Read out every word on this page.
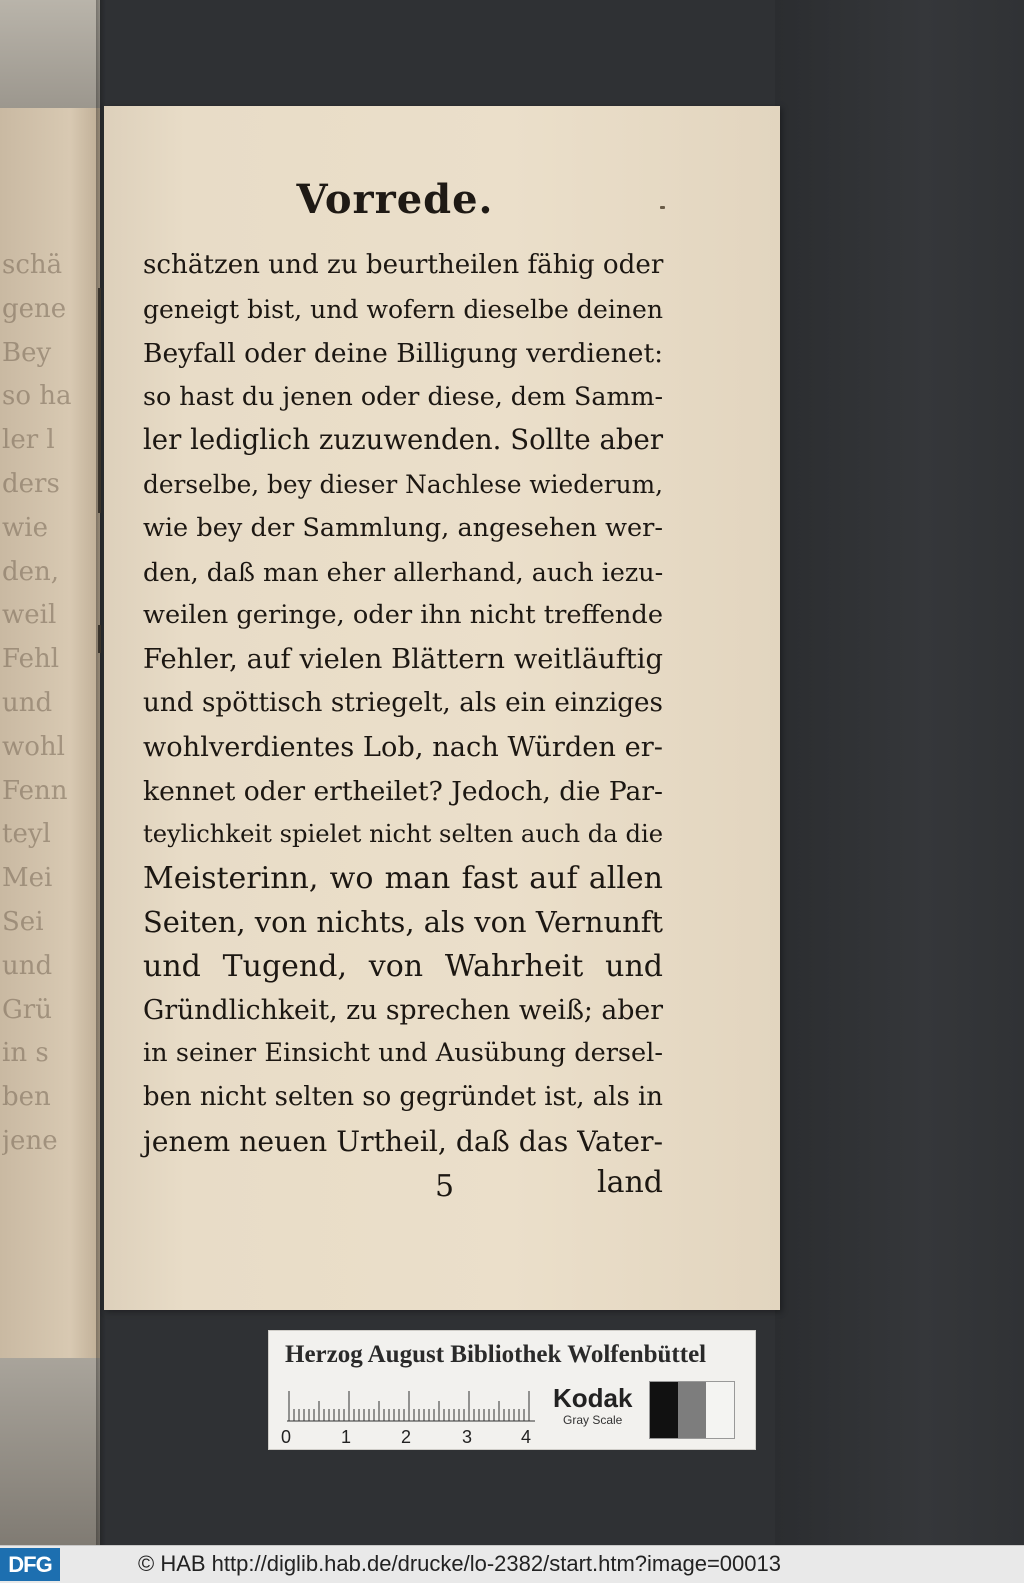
schä
gene
Bey
so ha
ler l
ders
wie
den,
weil
Fehl
und
wohl
Fenn
teyl
Mei
Sei
und
Grü
in s
ben
jene
Vorrede.
schätzen und zu beurtheilen fähig oder
geneigt bist, und wofern dieselbe deinen
Beyfall oder deine Billigung verdienet:
so hast du jenen oder diese, dem Samm-
ler lediglich zuzuwenden. Sollte aber
derselbe, bey dieser Nachlese wiederum,
wie bey der Sammlung, angesehen wer-
den, daß man eher allerhand, auch iezu-
weilen geringe, oder ihn nicht treffende
Fehler, auf vielen Blättern weitläuftig
und spöttisch striegelt, als ein einziges
wohlverdientes Lob, nach Würden er-
kennet oder ertheilet? Jedoch, die Par-
teylichkeit spielet nicht selten auch da die
Meisterinn, wo man fast auf allen
Seiten, von nichts, als von Vernunft
und Tugend, von Wahrheit und
Gründlichkeit, zu sprechen weiß; aber
in seiner Einsicht und Ausübung dersel-
ben nicht selten so gegründet ist, als in
jenem neuen Urtheil, daß das Vater-
5	land
Herzog August Bibliothek Wolfenbüttel
0	1	2	3	4
Kodak
Gray Scale
DFG	© HAB http://diglib.hab.de/drucke/lo-2382/start.htm?image=00013
